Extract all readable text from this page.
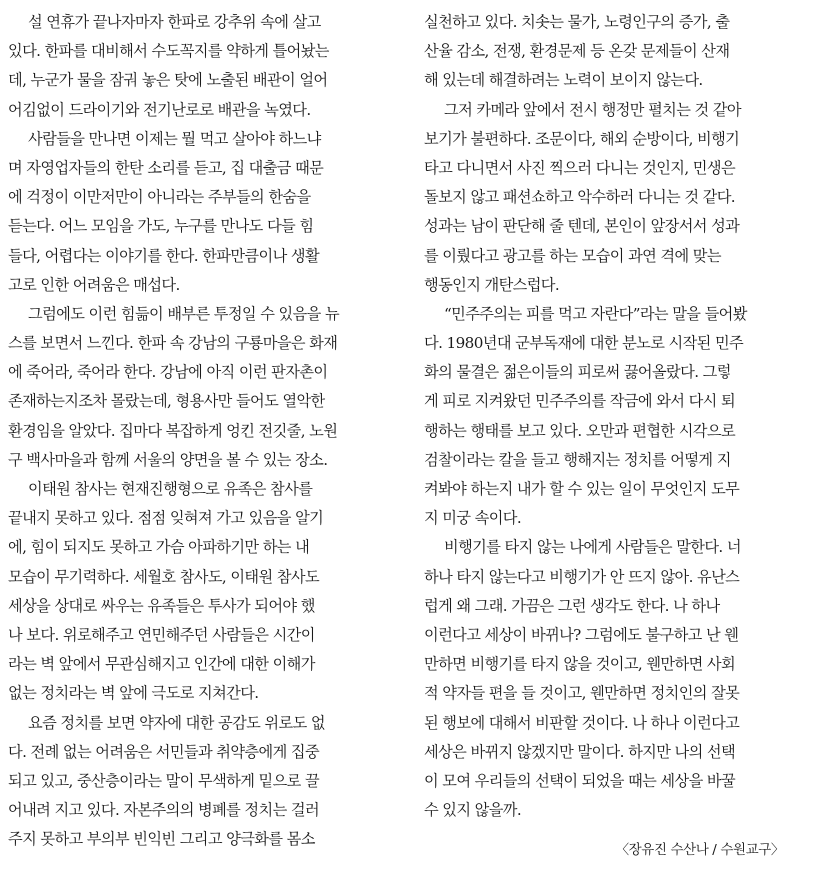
설 연휴가 끝나자마자 한파로 강추위 속에 살고
있다. 한파를 대비해서 수도꼭지를 약하게 틀어놨는
데, 누군가 물을 잠궈 놓은 탓에 노출된 배관이 얼어
어김없이 드라이기와 전기난로로 배관을 녹였다.
사람들을 만나면 이제는 뭘 먹고 살아야 하느냐
며 자영업자들의 한탄 소리를 듣고, 집 대출금 때문
에 걱정이 이만저만이 아니라는 주부들의 한숨을
듣는다. 어느 모임을 가도, 누구를 만나도 다들 힘
들다, 어렵다는 이야기를 한다. 한파만큼이나 생활
고로 인한 어려움은 매섭다.
그럼에도 이런 힘듦이 배부른 투정일 수 있음을 뉴
스를 보면서 느낀다. 한파 속 강남의 구룡마을은 화재
에 죽어라, 죽어라 한다. 강남에 아직 이런 판자촌이
존재하는지조차 몰랐는데, 형용사만 들어도 열악한
환경임을 알았다. 집마다 복잡하게 엉킨 전깃줄, 노원
구 백사마을과 함께 서울의 양면을 볼 수 있는 장소.
이태원 참사는 현재진행형으로 유족은 참사를
끝내지 못하고 있다. 점점 잊혀져 가고 있음을 알기
에, 힘이 되지도 못하고 가슴 아파하기만 하는 내
모습이 무기력하다. 세월호 참사도, 이태원 참사도
세상을 상대로 싸우는 유족들은 투사가 되어야 했
나 보다. 위로해주고 연민해주던 사람들은 시간이
라는 벽 앞에서 무관심해지고 인간에 대한 이해가
없는 정치라는 벽 앞에 극도로 지쳐간다.
요즘 정치를 보면 약자에 대한 공감도 위로도 없
다. 전례 없는 어려움은 서민들과 취약층에게 집중
되고 있고, 중산층이라는 말이 무색하게 밑으로 끌
어내려 지고 있다. 자본주의의 병폐를 정치는 걸러
주지 못하고 부의부 빈익빈 그리고 양극화를 몸소
실천하고 있다. 치솟는 물가, 노령인구의 증가, 출
산율 감소, 전쟁, 환경문제 등 온갖 문제들이 산재
해 있는데 해결하려는 노력이 보이지 않는다.
그저 카메라 앞에서 전시 행정만 펼치는 것 같아
보기가 불편하다. 조문이다, 해외 순방이다, 비행기
타고 다니면서 사진 찍으러 다니는 것인지, 민생은
돌보지 않고 패션쇼하고 악수하러 다니는 것 같다.
성과는 남이 판단해 줄 텐데, 본인이 앞장서서 성과
를 이뤘다고 광고를 하는 모습이 과연 격에 맞는
행동인지 개탄스럽다.
“민주주의는 피를 먹고 자란다”라는 말을 들어봤
다. 1980년대 군부독재에 대한 분노로 시작된 민주
화의 물결은 젊은이들의 피로써 끓어올랐다. 그렇
게 피로 지켜왔던 민주주의를 작금에 와서 다시 퇴
행하는 행태를 보고 있다. 오만과 편협한 시각으로
검찰이라는 칼을 들고 행해지는 정치를 어떻게 지
켜봐야 하는지 내가 할 수 있는 일이 무엇인지 도무
지 미궁 속이다.
비행기를 타지 않는 나에게 사람들은 말한다. 너
하나 타지 않는다고 비행기가 안 뜨지 않아. 유난스
럽게 왜 그래. 가끔은 그런 생각도 한다. 나 하나
이런다고 세상이 바뀌나? 그럼에도 불구하고 난 웬
만하면 비행기를 타지 않을 것이고, 웬만하면 사회
적 약자들 편을 들 것이고, 웬만하면 정치인의 잘못
된 행보에 대해서 비판할 것이다. 나 하나 이런다고
세상은 바뀌지 않겠지만 말이다. 하지만 나의 선택
이 모여 우리들의 선택이 되었을 때는 세상을 바꿀
수 있지 않을까.
〈장유진 수산나 / 수원교구〉
